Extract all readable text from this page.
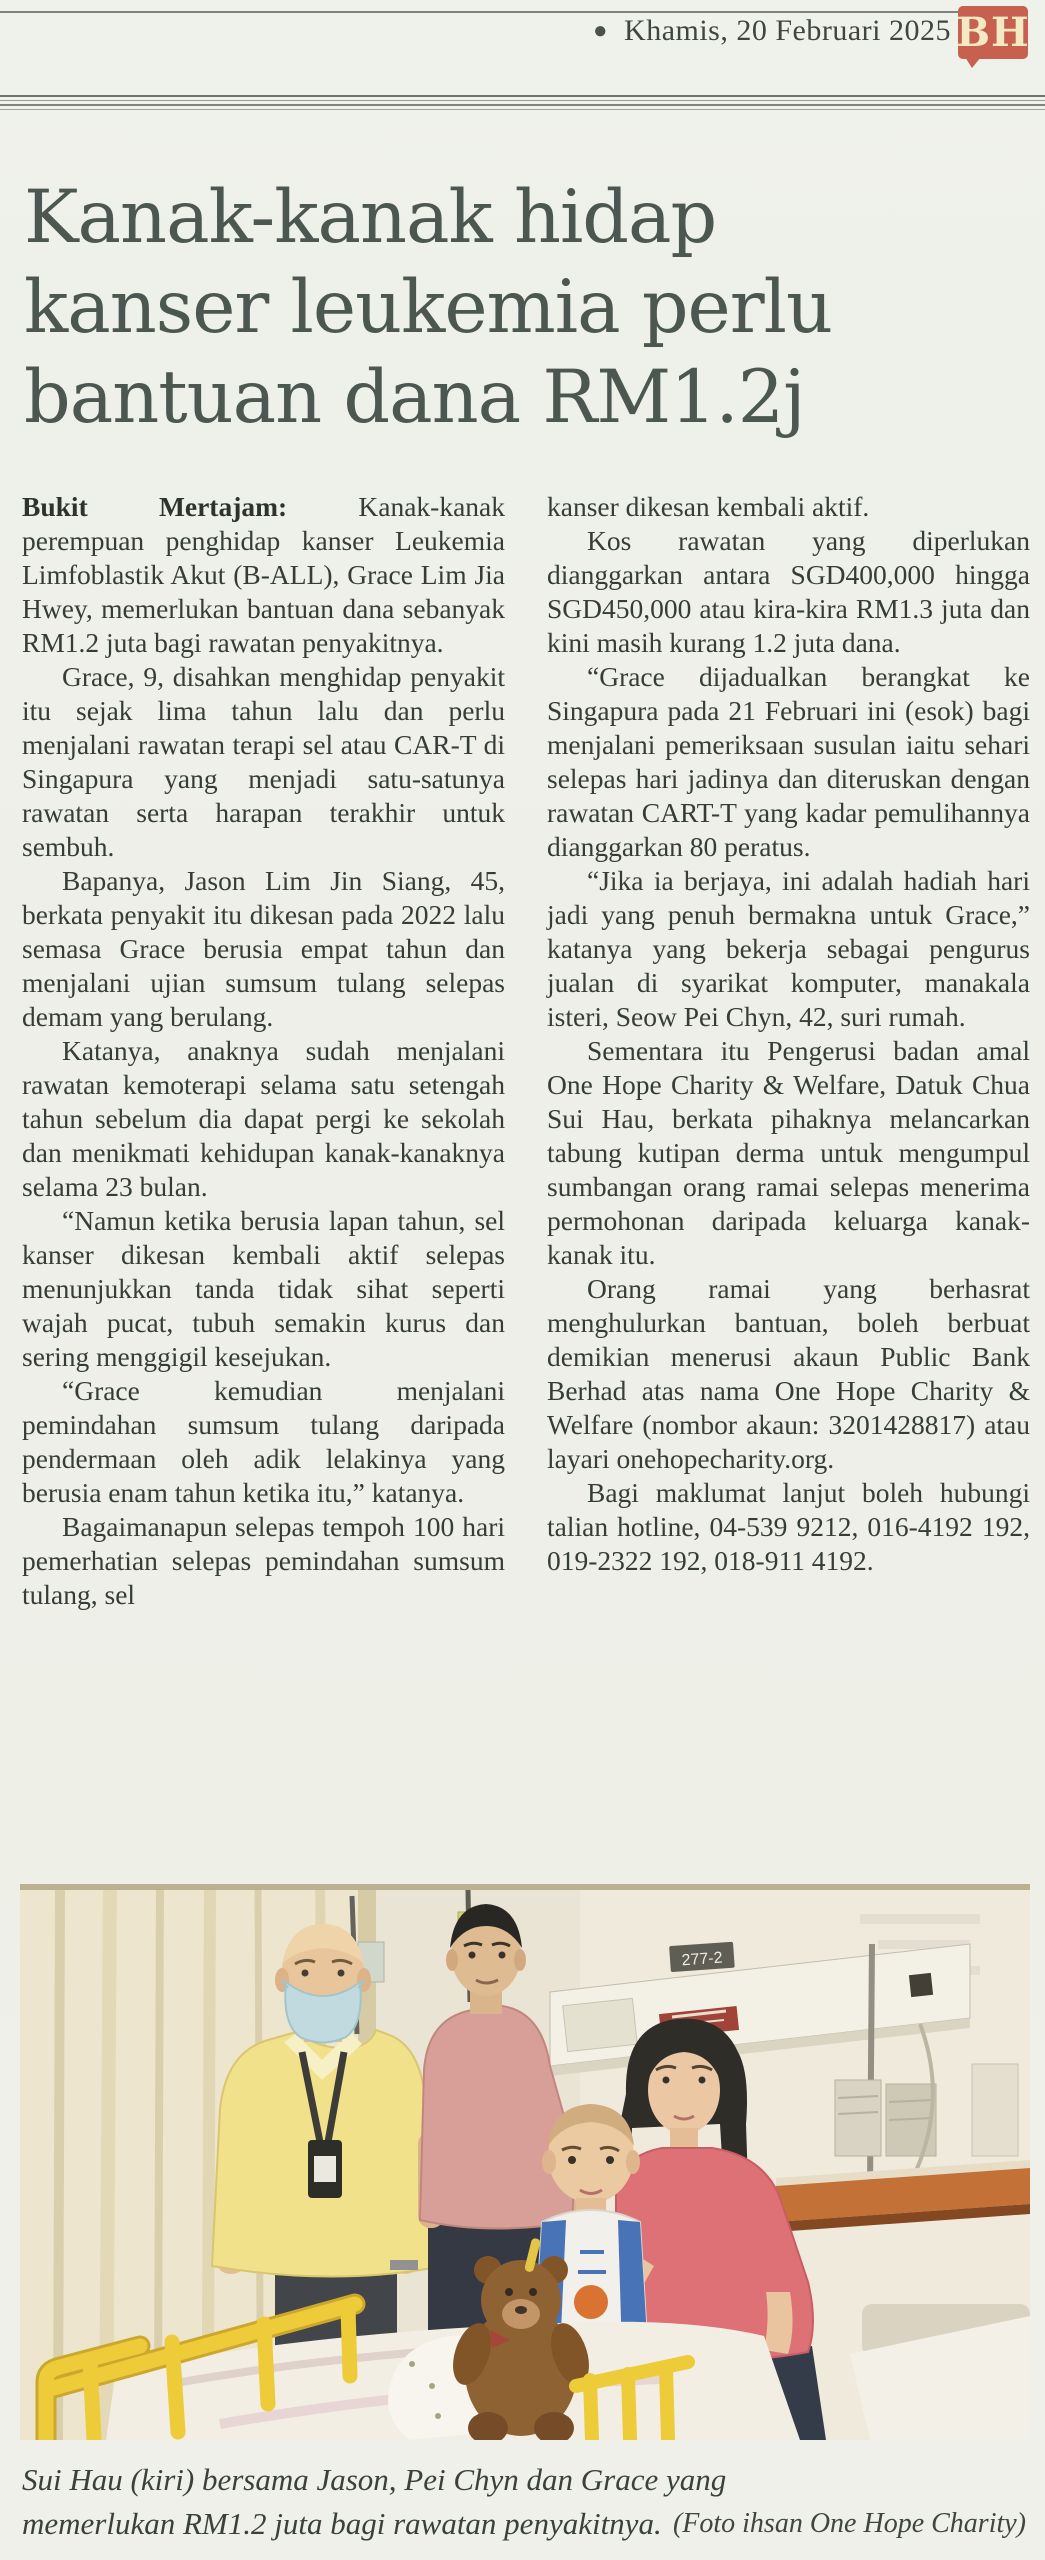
● Khamis, 20 Februari 2025 BH
Kanak-kanak hidap
kanser leukemia perlu
bantuan dana RM1.2j

Bukit Mertajam: Kanak-kanak perempuan penghidap kanser Leukemia Limfoblastik Akut (B-ALL), Grace Lim Jia Hwey, memerlukan bantuan dana sebanyak RM1.2 juta bagi rawatan penyakitnya.

Grace, 9, disahkan menghidap penyakit itu sejak lima tahun lalu dan perlu menjalani rawatan terapi sel atau CAR-T di Singapura yang menjadi satu-satunya rawatan serta harapan terakhir untuk sembuh.

Bapanya, Jason Lim Jin Siang, 45, berkata penyakit itu dikesan pada 2022 lalu semasa Grace berusia empat tahun dan menjalani ujian sumsum tulang selepas demam yang berulang.

Katanya, anaknya sudah menjalani rawatan kemoterapi selama satu setengah tahun sebelum dia dapat pergi ke sekolah dan menikmati kehidupan kanak-kanaknya selama 23 bulan.

“Namun ketika berusia lapan tahun, sel kanser dikesan kembali aktif selepas menunjukkan tanda tidak sihat seperti wajah pucat, tubuh semakin kurus dan sering menggigil kesejukan.

“Grace kemudian menjalani pemindahan sumsum tulang daripada pendermaan oleh adik lelakinya yang berusia enam tahun ketika itu,” katanya.

Bagaimanapun selepas tempoh 100 hari pemerhatian selepas pemindahan sumsum tulang, sel

kanser dikesan kembali aktif.

Kos rawatan yang diperlukan dianggarkan antara SGD400,000 hingga SGD450,000 atau kira-kira RM1.3 juta dan kini masih kurang 1.2 juta dana.

“Grace dijadualkan berangkat ke Singapura pada 21 Februari ini (esok) bagi menjalani pemeriksaan susulan iaitu sehari selepas hari jadinya dan diteruskan dengan rawatan CART-T yang kadar pemulihannya dianggarkan 80 peratus.

“Jika ia berjaya, ini adalah hadiah hari jadi yang penuh bermakna untuk Grace,” katanya yang bekerja sebagai pengurus jualan di syarikat komputer, manakala isteri, Seow Pei Chyn, 42, suri rumah.

Sementara itu Pengerusi badan amal One Hope Charity & Welfare, Datuk Chua Sui Hau, berkata pihaknya melancarkan tabung kutipan derma untuk mengumpul sumbangan orang ramai selepas menerima permohonan daripada keluarga kanak-kanak itu.

Orang ramai yang berhasrat menghulurkan bantuan, boleh berbuat demikian menerusi akaun Public Bank Berhad atas nama One Hope Charity & Welfare (nombor akaun: 3201428817) atau layari onehopecharity.org.

Bagi maklumat lanjut boleh hubungi talian hotline, 04-539 9212, 016-4192 192, 019-2322 192, 018-911 4192.

277-2
Sui Hau (kiri) bersama Jason, Pei Chyn dan Grace yang memerlukan RM1.2 juta bagi rawatan penyakitnya. (Foto ihsan One Hope Charity)
